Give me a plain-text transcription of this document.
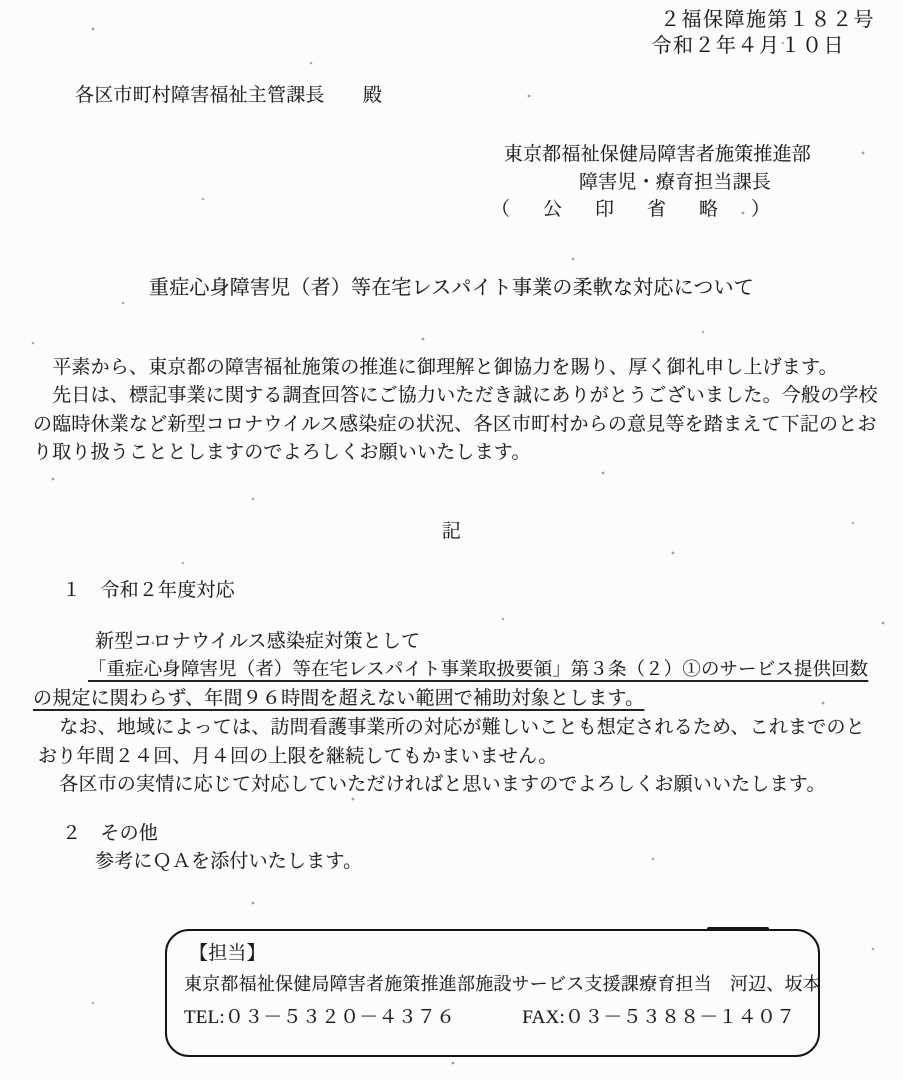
２福保障施第１８２号
令和２年４月１０日
各区市町村障害福祉主管課長　　殿
東京都福祉保健局障害者施策推進部
障害児・療育担当課長
（　公　印　省　略　）
重症心身障害児（者）等在宅レスパイト事業の柔軟な対応について
　平素から、東京都の障害福祉施策の推進に御理解と御協力を賜り、厚く御礼申し上げます。
　先日は、標記事業に関する調査回答にご協力いただき誠にありがとうございました。今般の学校
の臨時休業など新型コロナウイルス感染症の状況、各区市町村からの意見等を踏まえて下記のとお
り取り扱うこととしますのでよろしくお願いいたします。
記
１　令和２年度対応
新型コロナウイルス感染症対策として
「重症心身障害児（者）等在宅レスパイト事業取扱要領」第３条（２）①のサービス提供回数
の規定に関わらず、年間９６時間を超えない範囲で補助対象とします。
　なお、地域によっては、訪問看護事業所の対応が難しいことも想定されるため、これまでのと
おり年間２４回、月４回の上限を継続してもかまいません。
　各区市の実情に応じて対応していただければと思いますのでよろしくお願いいたします。
２　その他
参考にＱＡを添付いたします。
【担当】
東京都福祉保健局障害者施策推進部施設サービス支援課療育担当　河辺、坂本
TEL:０３－５３２０－４３７６	FAX:０３－５３８８－１４０７
